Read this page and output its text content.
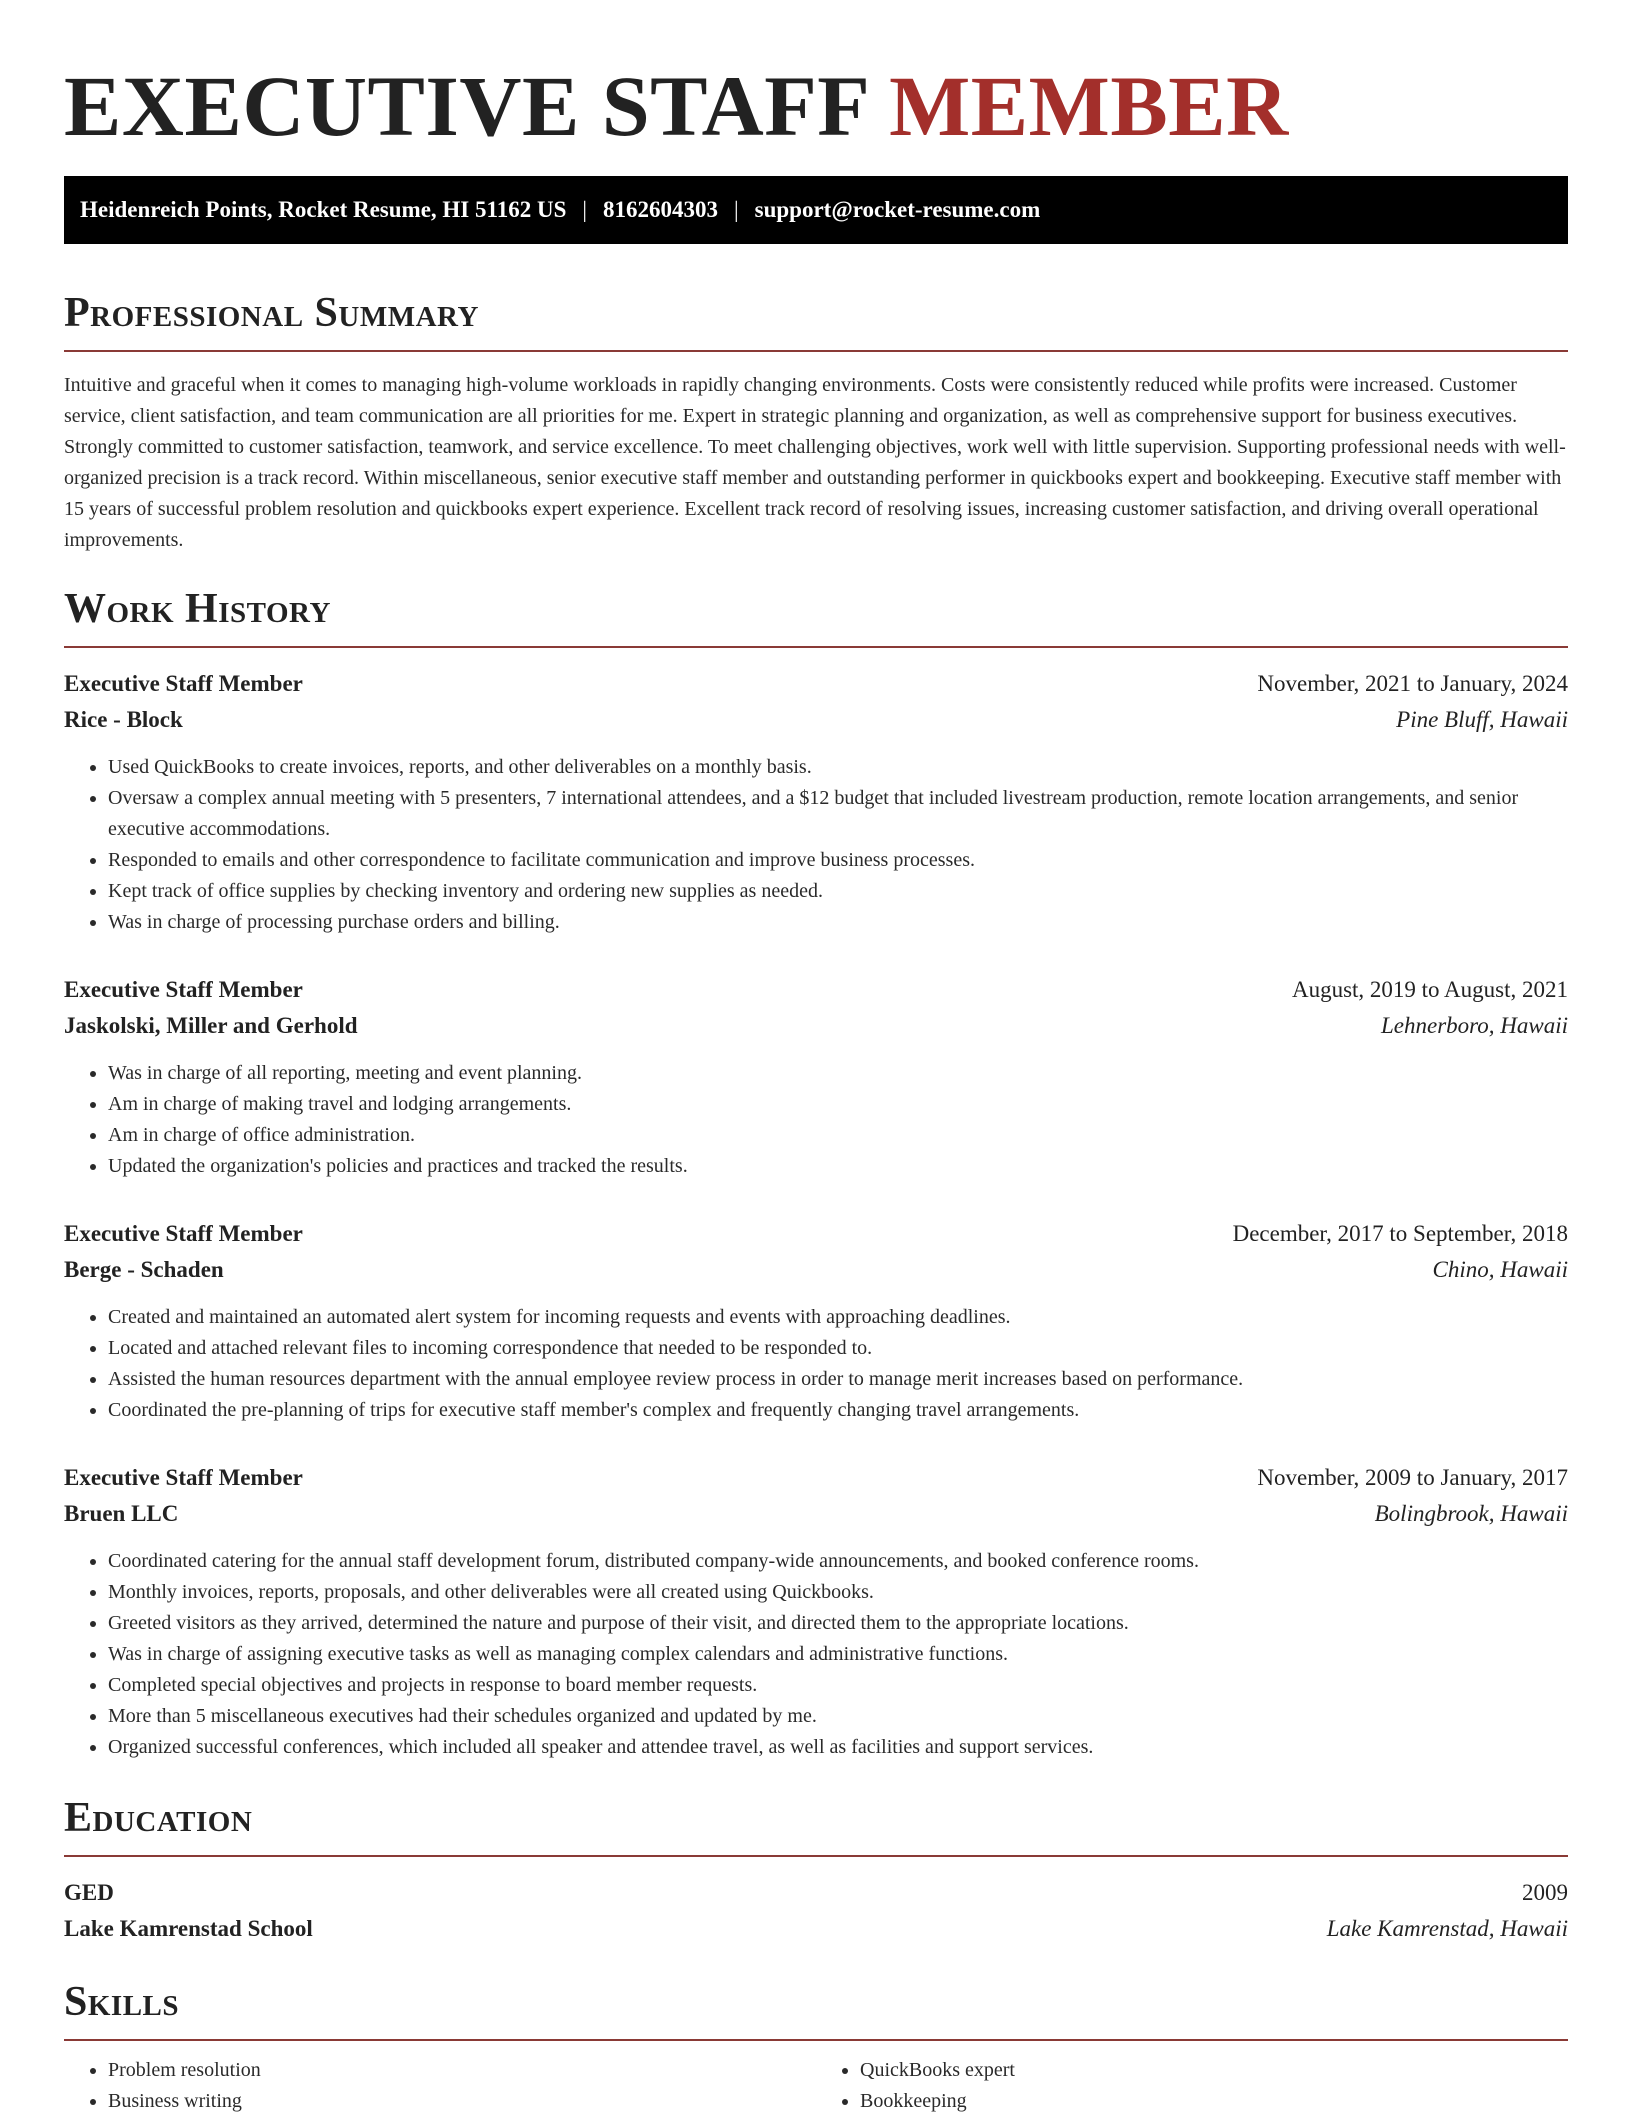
EXECUTIVE STAFF MEMBER
Heidenreich Points, Rocket Resume, HI 51162 US | 8162604303 | support@rocket-resume.com
Professional Summary

Intuitive and graceful when it comes to managing high-volume workloads in rapidly changing environments. Costs were consistently reduced while profits were increased. Customer service, client satisfaction, and team communication are all priorities for me. Expert in strategic planning and organization, as well as comprehensive support for business executives. Strongly committed to customer satisfaction, teamwork, and service excellence. To meet challenging objectives, work well with little supervision. Supporting professional needs with well-organized precision is a track record. Within miscellaneous, senior executive staff member and outstanding performer in quickbooks expert and bookkeeping. Executive staff member with 15 years of successful problem resolution and quickbooks expert experience. Excellent track record of resolving issues, increasing customer satisfaction, and driving overall operational improvements.

Work History
Executive Staff Member	November, 2021 to January, 2024
Rice - Block	Pine Bluff, Hawaii
• Used QuickBooks to create invoices, reports, and other deliverables on a monthly basis.
• Oversaw a complex annual meeting with 5 presenters, 7 international attendees, and a $12 budget that included livestream production, remote location arrangements, and senior executive accommodations.
• Responded to emails and other correspondence to facilitate communication and improve business processes.
• Kept track of office supplies by checking inventory and ordering new supplies as needed.
• Was in charge of processing purchase orders and billing.
Executive Staff Member	August, 2019 to August, 2021
Jaskolski, Miller and Gerhold	Lehnerboro, Hawaii
• Was in charge of all reporting, meeting and event planning.
• Am in charge of making travel and lodging arrangements.
• Am in charge of office administration.
• Updated the organization's policies and practices and tracked the results.
Executive Staff Member	December, 2017 to September, 2018
Berge - Schaden	Chino, Hawaii
• Created and maintained an automated alert system for incoming requests and events with approaching deadlines.
• Located and attached relevant files to incoming correspondence that needed to be responded to.
• Assisted the human resources department with the annual employee review process in order to manage merit increases based on performance.
• Coordinated the pre-planning of trips for executive staff member's complex and frequently changing travel arrangements.
Executive Staff Member	November, 2009 to January, 2017
Bruen LLC	Bolingbrook, Hawaii
• Coordinated catering for the annual staff development forum, distributed company-wide announcements, and booked conference rooms.
• Monthly invoices, reports, proposals, and other deliverables were all created using Quickbooks.
• Greeted visitors as they arrived, determined the nature and purpose of their visit, and directed them to the appropriate locations.
• Was in charge of assigning executive tasks as well as managing complex calendars and administrative functions.
• Completed special objectives and projects in response to board member requests.
• More than 5 miscellaneous executives had their schedules organized and updated by me.
• Organized successful conferences, which included all speaker and attendee travel, as well as facilities and support services.
Education
GED	2009
Lake Kamrenstad School	Lake Kamrenstad, Hawaii
Skills
• Problem resolution
• Business writing
• QuickBooks expert
• Bookkeeping
